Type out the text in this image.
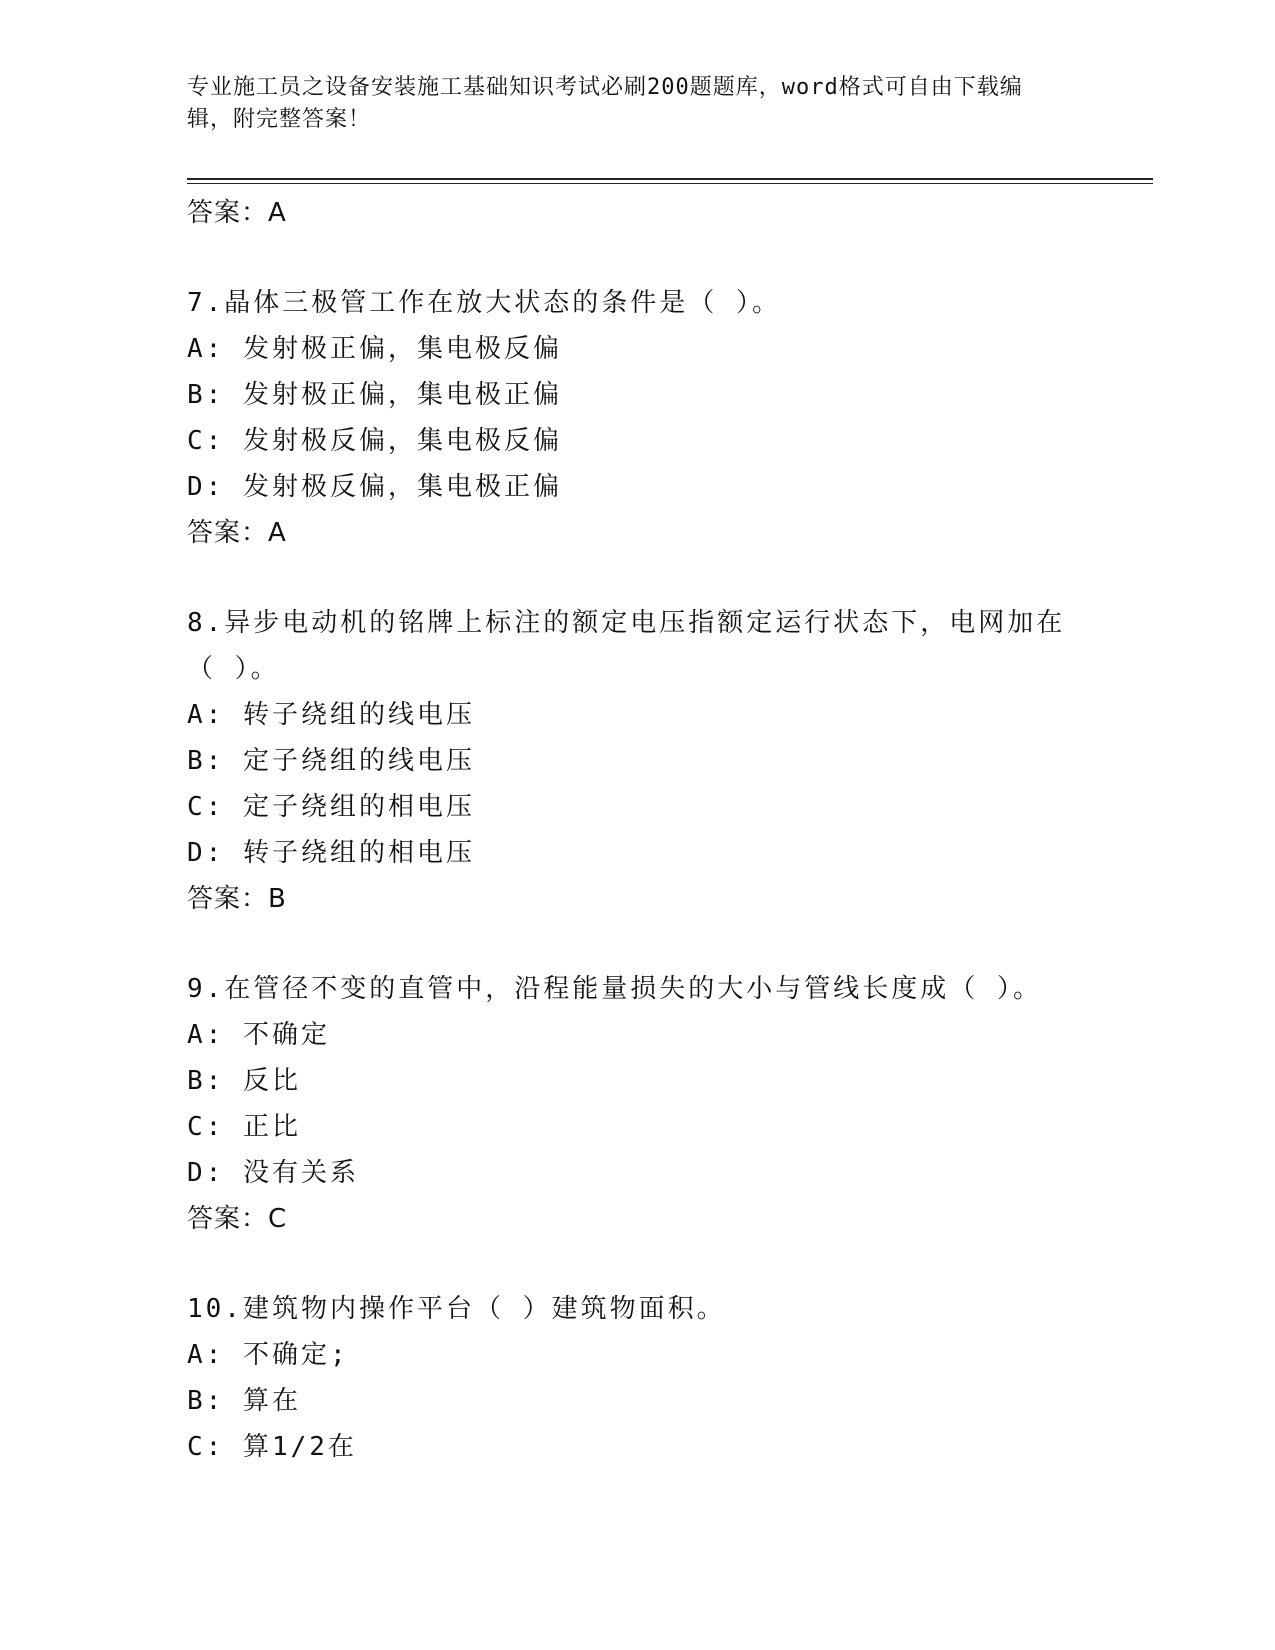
专业施工员之设备安装施工基础知识考试必刷200题题库，word格式可自由下载编辑，附完整答案！
答案：A
7.晶体三极管工作在放大状态的条件是（ ）。
A: 发射极正偏，集电极反偏
B: 发射极正偏，集电极正偏
C: 发射极反偏，集电极反偏
D: 发射极反偏，集电极正偏
答案：A
8.异步电动机的铭牌上标注的额定电压指额定运行状态下，电网加在（ ）。
A: 转子绕组的线电压
B: 定子绕组的线电压
C: 定子绕组的相电压
D: 转子绕组的相电压
答案：B
9.在管径不变的直管中，沿程能量损失的大小与管线长度成（ ）。
A: 不确定
B: 反比
C: 正比
D: 没有关系
答案：C
10.建筑物内操作平台（ ）建筑物面积。
A: 不确定;
B: 算在
C: 算1/2在
